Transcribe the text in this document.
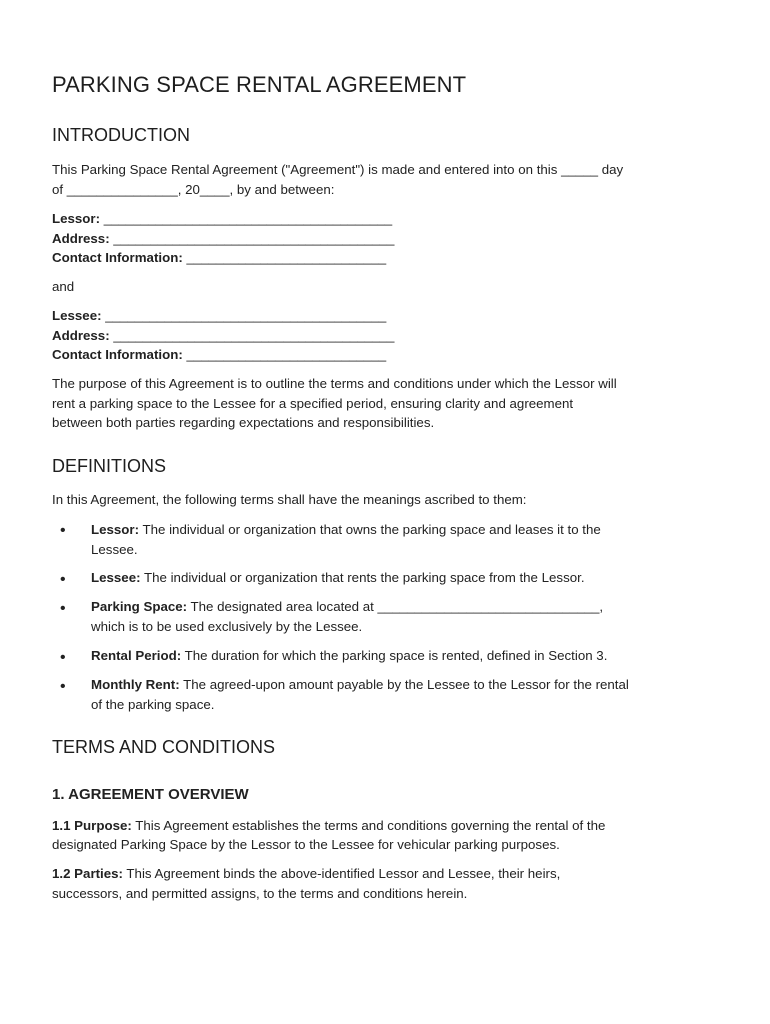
PARKING SPACE RENTAL AGREEMENT
INTRODUCTION
This Parking Space Rental Agreement ("Agreement") is made and entered into on this _____ day
of _______________, 20____, by and between:
Lessor: _______________________________________
Address: ______________________________________
Contact Information: ___________________________
and
Lessee: ______________________________________
Address: ______________________________________
Contact Information: ___________________________
The purpose of this Agreement is to outline the terms and conditions under which the Lessor will
rent a parking space to the Lessee for a specified period, ensuring clarity and agreement
between both parties regarding expectations and responsibilities.
DEFINITIONS
In this Agreement, the following terms shall have the meanings ascribed to them:
• Lessor: The individual or organization that owns the parking space and leases it to the
Lessee.
• Lessee: The individual or organization that rents the parking space from the Lessor.
• Parking Space: The designated area located at ______________________________,
which is to be used exclusively by the Lessee.
• Rental Period: The duration for which the parking space is rented, defined in Section 3.
• Monthly Rent: The agreed-upon amount payable by the Lessee to the Lessor for the rental
of the parking space.
TERMS AND CONDITIONS
1. AGREEMENT OVERVIEW
1.1 Purpose: This Agreement establishes the terms and conditions governing the rental of the
designated Parking Space by the Lessor to the Lessee for vehicular parking purposes.
1.2 Parties: This Agreement binds the above-identified Lessor and Lessee, their heirs,
successors, and permitted assigns, to the terms and conditions herein.
